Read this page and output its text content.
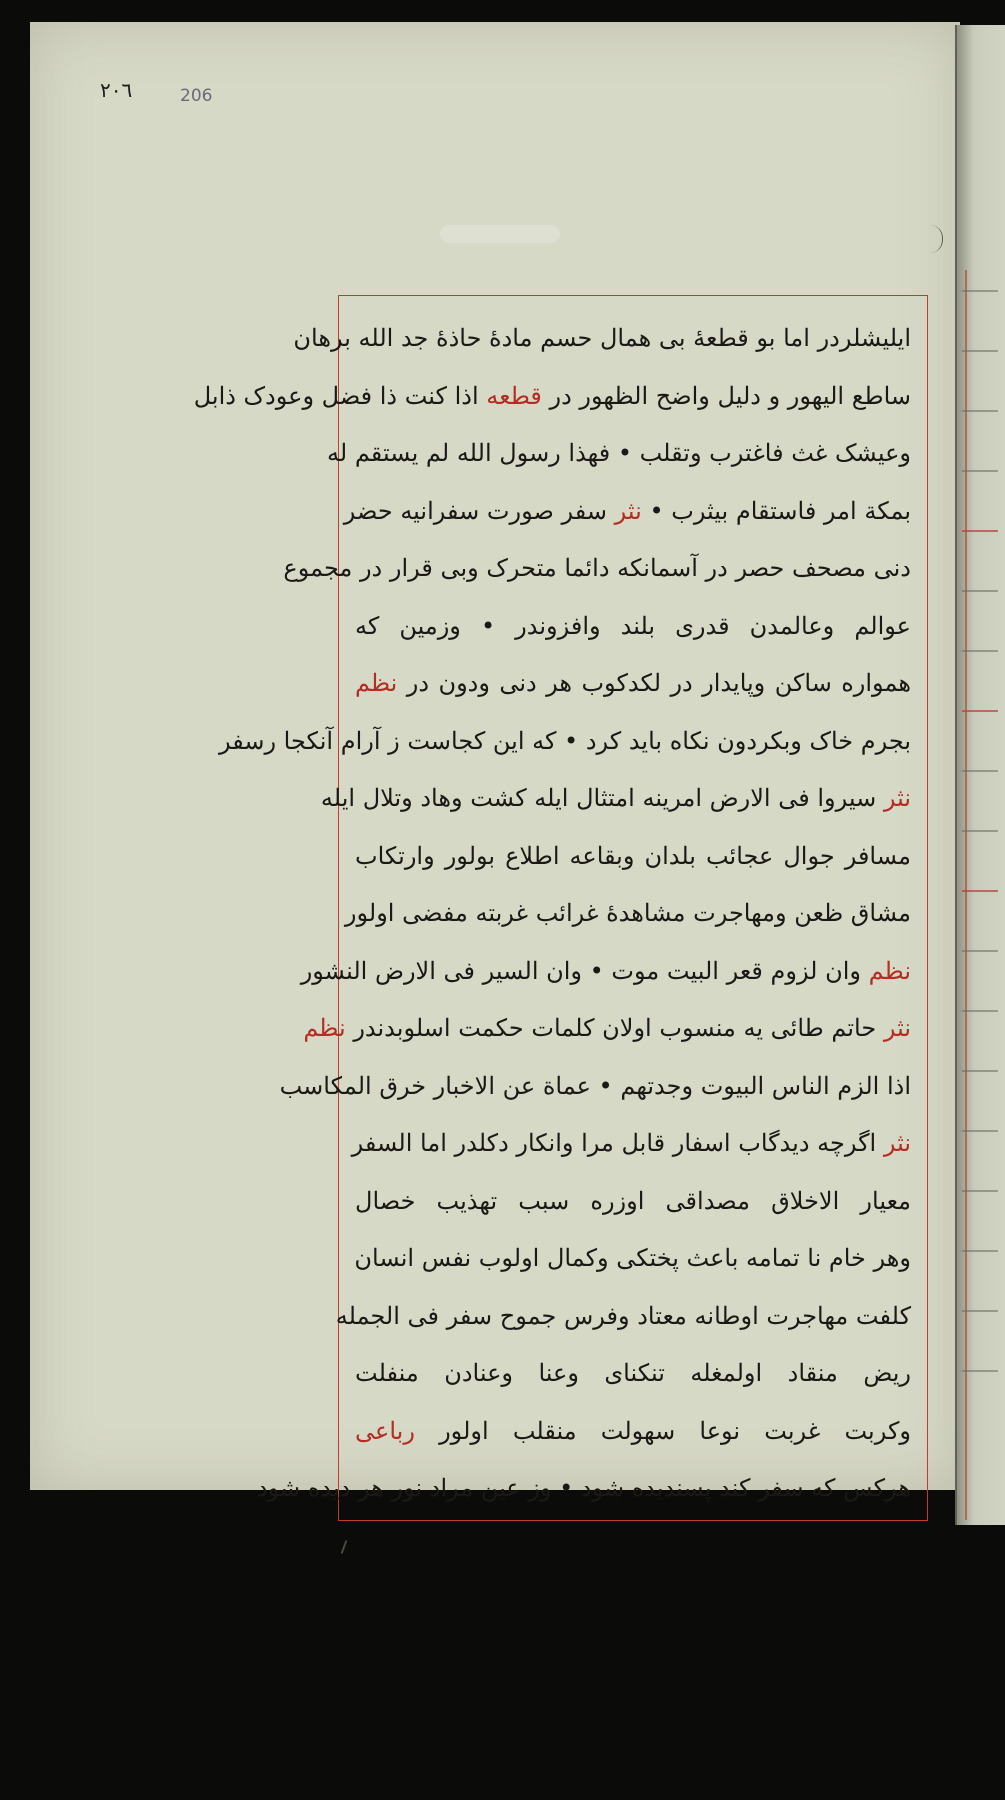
٢٠٦	206
ایلیشلردر اما بو قطعهٔ بی همال حسم مادهٔ حاذهٔ جد الله برهان
ساطع الیهور و دلیل واضح الظهور در قطعه اذا کنت ذا فضل وعودک ذابل
وعیشک غث فاغترب وتقلب • فهذا رسول الله لم یستقم له
بمکة امر فاستقام بیثرب • نثر سفر صورت سفرانیه حضر
دنی مصحف حصر در آسمانکه دائما متحرک وبی قرار در مجموع
عوالم وعالمدن قدری بلند وافزوندر • وزمین که
همواره ساکن وپایدار در لکدکوب هر دنی ودون در نظم
بجرم خاک وبکردون نکاه باید کرد • که این کجاست ز آرام آنکجا رسفر
نثر سیروا فی الارض امرینه امتثال ایله کشت وهاد وتلال ایله
مسافر جوال عجائب بلدان وبقاعه اطلاع بولور وارتکاب
مشاق ظعن ومهاجرت مشاهدهٔ غرائب غربته مفضی اولور
نظم وان لزوم قعر البیت موت • وان السیر فی الارض النشور
نثر حاتم طائی یه منسوب اولان کلمات حکمت اسلوبدندر نظم
اذا الزم الناس البیوت وجدتهم • عماة عن الاخبار خرق المکاسب
نثر اگرچه دیدگاب اسفار قابل مرا وانکار دکلدر اما السفر
معیار الاخلاق مصداقی اوزره سبب تهذیب خصال
وهر خام نا تمامه باعث پختکی وکمال اولوب نفس انسان
کلفت مهاجرت اوطانه معتاد وفرس جموح سفر فی الجمله
ریض منقاد اولمغله تنکنای وعنا وعنادن منفلت
وکربت غربت نوعا سهولت منقلب اولور رباعی
هرکس که سفر کند پسندیده شود • وز عین مراد نور هر دیده شود
